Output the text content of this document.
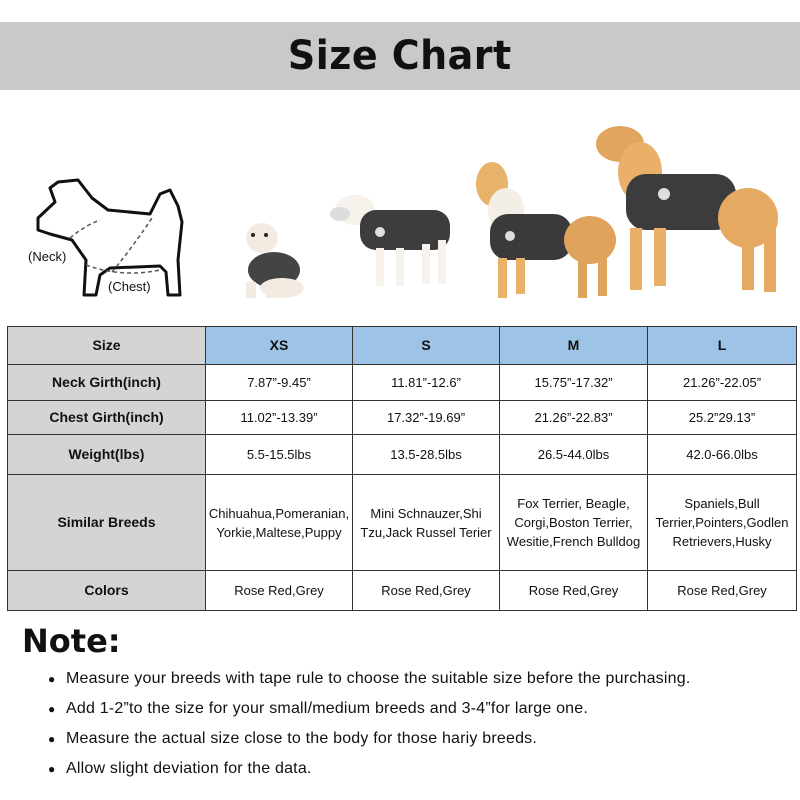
Size Chart
(Neck)
(Chest)
Size	XS	S	M	L
Neck Girth(inch)	7.87”-9.45”	11.81”-12.6”	15.75”-17.32”	21.26”-22.05”
Chest Girth(inch)	11.02”-13.39”	17.32”-19.69”	21.26”-22.83”	25.2”29.13”
Weight(lbs)	5.5-15.5lbs	13.5-28.5lbs	26.5-44.0lbs	42.0-66.0lbs
Similar Breeds	Chihuahua,Pomeranian, Yorkie,Maltese,Puppy	Mini Schnauzer,Shi Tzu,Jack Russel Terier	Fox Terrier, Beagle, Corgi,Boston Terrier, Wesitie,French Bulldog	Spaniels,Bull Terrier,Pointers,Godlen Retrievers,Husky
Colors	Rose Red,Grey	Rose Red,Grey	Rose Red,Grey	Rose Red,Grey
Note:
● Measure your breeds with tape rule to choose the suitable size before the purchasing.
● Add 1-2”to the size for your small/medium breeds and 3-4”for large one.
● Measure the actual size close to the body for those hariy breeds.
● Allow slight deviation for the data.
